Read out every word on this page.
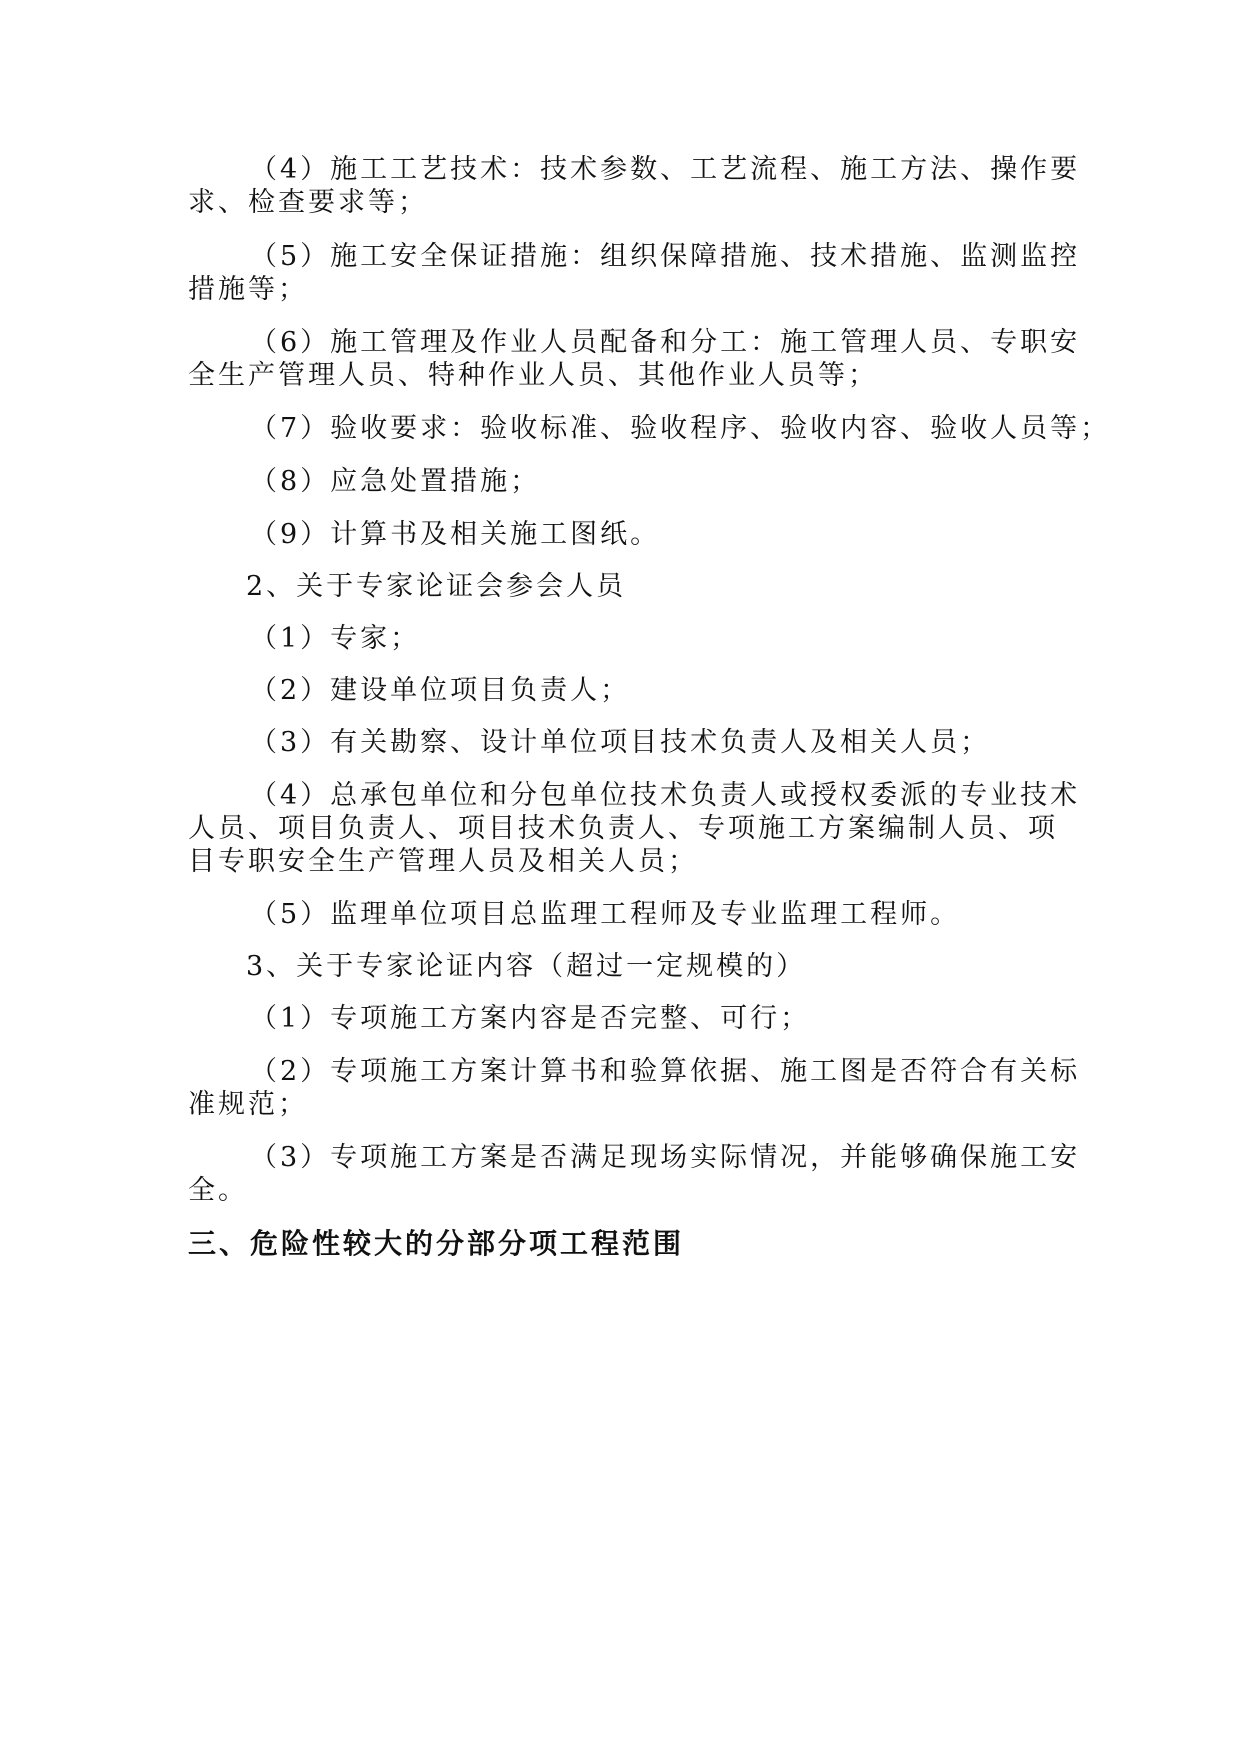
（4）施工工艺技术：技术参数、工艺流程、施工方法、操作要
求、检查要求等；
（5）施工安全保证措施：组织保障措施、技术措施、监测监控
措施等；
（6）施工管理及作业人员配备和分工：施工管理人员、专职安
全生产管理人员、特种作业人员、其他作业人员等；
（7）验收要求：验收标准、验收程序、验收内容、验收人员等；
（8）应急处置措施；
（9）计算书及相关施工图纸。
2、关于专家论证会参会人员
（1）专家；
（2）建设单位项目负责人；
（3）有关勘察、设计单位项目技术负责人及相关人员；
（4）总承包单位和分包单位技术负责人或授权委派的专业技术
人员、项目负责人、项目技术负责人、专项施工方案编制人员、项
目专职安全生产管理人员及相关人员；
（5）监理单位项目总监理工程师及专业监理工程师。
3、关于专家论证内容（超过一定规模的）
（1）专项施工方案内容是否完整、可行；
（2）专项施工方案计算书和验算依据、施工图是否符合有关标
准规范；
（3）专项施工方案是否满足现场实际情况，并能够确保施工安
全。
三、危险性较大的分部分项工程范围
